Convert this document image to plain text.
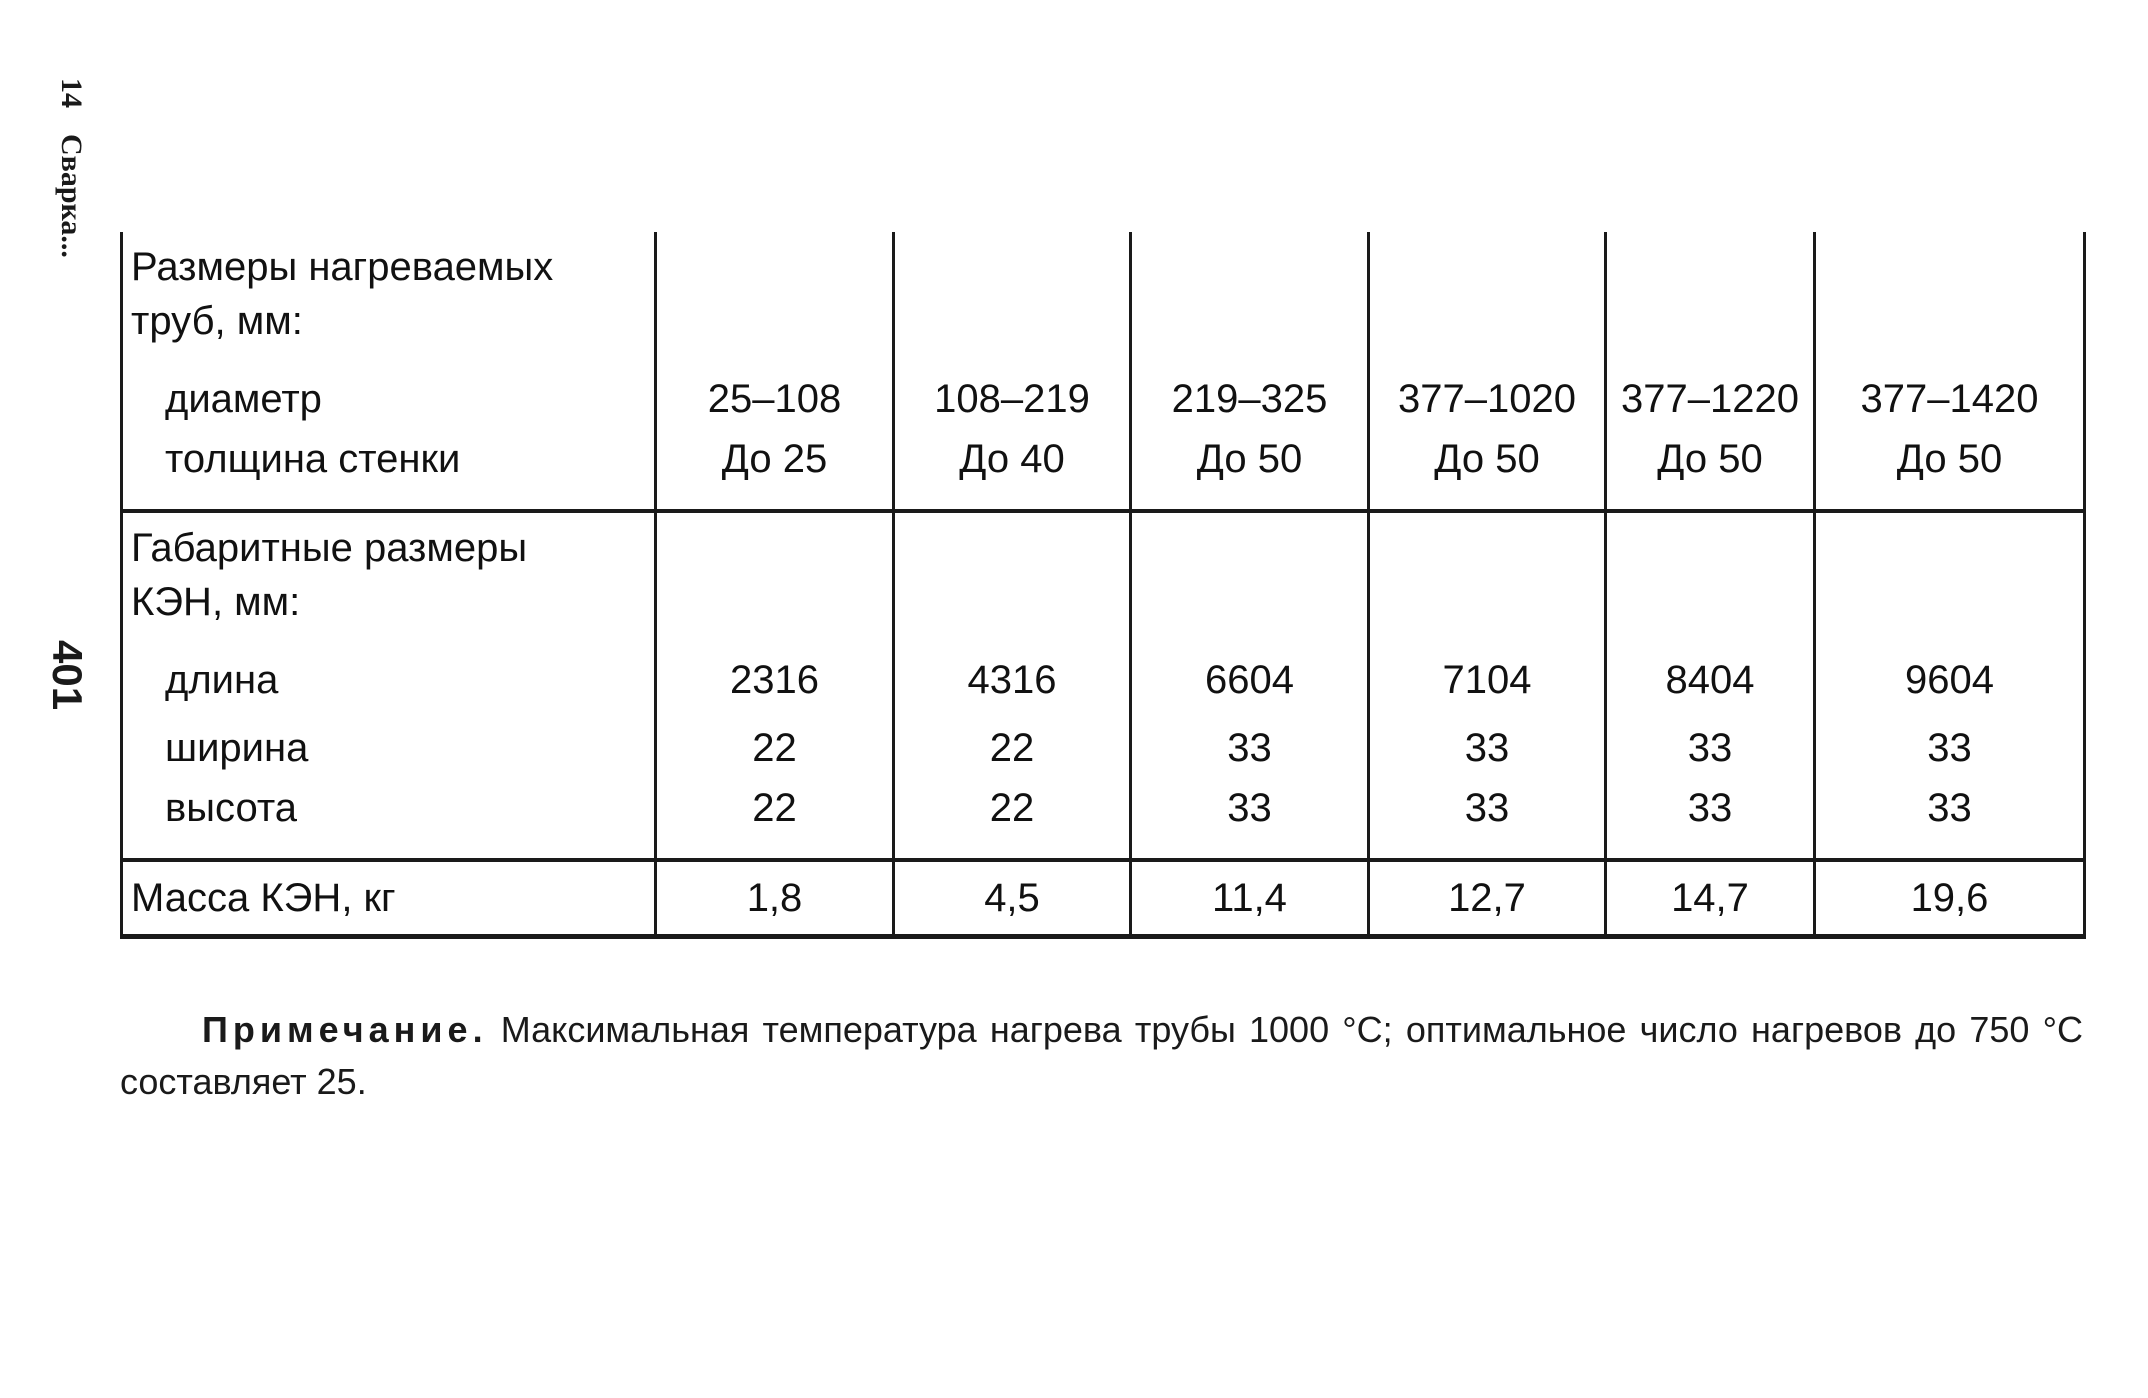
14Сварка...
401
Размеры нагреваемых
труб, мм:						
диаметр	25–108	108–219	219–325	377–1020	377–1220	377–1420
толщина стенки	До 25	До 40	До 50	До 50	До 50	До 50
Габаритные размеры
КЭН, мм:						
длина	2316	4316	6604	7104	8404	9604
ширина	22	22	33	33	33	33
высота	22	22	33	33	33	33
Масса КЭН, кг	1,8	4,5	11,4	12,7	14,7	19,6

Примечание. Максимальная температура нагрева трубы 1000 °С; оптимальное число нагревов до 750 °С составляет 25.
